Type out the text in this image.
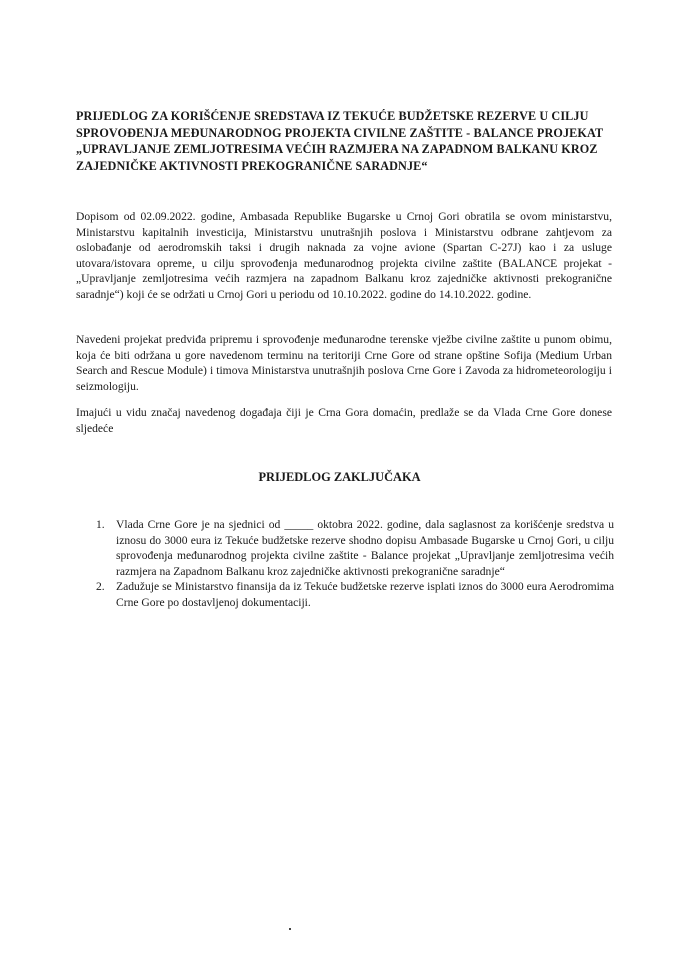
PRIJEDLOG ZA KORIŠĆENJE SREDSTAVA IZ TEKUĆE BUDŽETSKE REZERVE U CILJU SPROVOĐENJA MEĐUNARODNOG PROJEKTA CIVILNE ZAŠTITE - BALANCE PROJEKAT „UPRAVLJANJE ZEMLJOTRESIMA VEĆIH RAZMJERA NA ZAPADNOM BALKANU KROZ ZAJEDNIČKE AKTIVNOSTI PREKOGRANIČNE SARADNJE“

Dopisom od 02.09.2022. godine, Ambasada Republike Bugarske u Crnoj Gori obratila se ovom ministarstvu, Ministarstvu kapitalnih investicija, Ministarstvu unutrašnjih poslova i Ministarstvu odbrane zahtjevom za oslobađanje od aerodromskih taksi i drugih naknada za vojne avione (Spartan C-27J) kao i za usluge utovara/istovara opreme, u cilju sprovođenja međunarodnog projekta civilne zaštite (BALANCE projekat - „Upravljanje zemljotresima većih razmjera na zapadnom Balkanu kroz zajedničke aktivnosti prekogranične saradnje“) koji će se održati u Crnoj Gori u periodu od 10.10.2022. godine do 14.10.2022. godine.

Navedeni projekat predviđa pripremu i sprovođenje međunarodne terenske vježbe civilne zaštite u punom obimu, koja će biti održana u gore navedenom terminu na teritoriji Crne Gore od strane opštine Sofija (Medium Urban Search and Rescue Module) i timova Ministarstva unutrašnjih poslova Crne Gore i Zavoda za hidrometeorologiju i seizmologiju.

Imajući u vidu značaj navedenog događaja čiji je Crna Gora domaćin, predlaže se da Vlada Crne Gore donese sljedeće

PRIJEDLOG ZAKLJUČAKA
1. Vlada Crne Gore je na sjednici od _____ oktobra 2022. godine, dala saglasnost za korišćenje sredstva u iznosu do 3000 eura iz Tekuće budžetske rezerve shodno dopisu Ambasade Bugarske u Crnoj Gori, u cilju sprovođenja međunarodnog projekta civilne zaštite - Balance projekat „Upravljanje zemljotresima većih razmjera na Zapadnom Balkanu kroz zajedničke aktivnosti prekogranične saradnje“
2. Zadužuje se Ministarstvo finansija da iz Tekuće budžetske rezerve isplati iznos do 3000 eura Aerodromima Crne Gore po dostavljenoj dokumentaciji.
